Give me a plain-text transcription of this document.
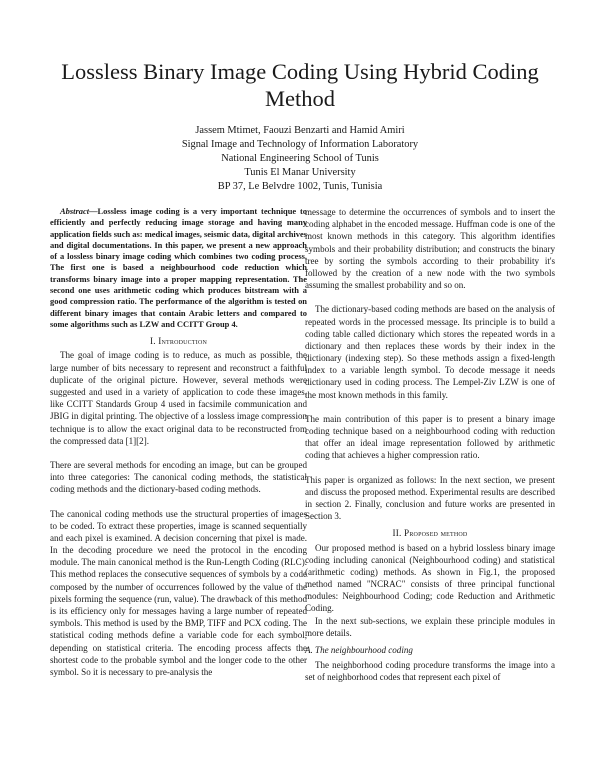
Lossless Binary Image Coding Using Hybrid Coding Method
Jassem Mtimet, Faouzi Benzarti and Hamid Amiri
Signal Image and Technology of Information Laboratory
National Engineering School of Tunis
Tunis El Manar University
BP 37, Le Belvdre 1002, Tunis, Tunisia

Abstract—Lossless image coding is a very important technique to efficiently and perfectly reducing image storage and having many application fields such as: medical images, seismic data, digital archives and digital documentations. In this paper, we present a new approach of a lossless binary image coding which combines two coding process. The first one is based a neighbourhood code reduction which transforms binary image into a proper mapping representation. The second one uses arithmetic coding which produces bitstream with a good compression ratio. The performance of the algorithm is tested on different binary images that contain Arabic letters and compared to some algorithms such as LZW and CCITT Group 4.

I. Introduction

The goal of image coding is to reduce, as much as possible, the large number of bits necessary to represent and reconstruct a faithful duplicate of the original picture. However, several methods were suggested and used in a variety of application to code these images, like CCITT Standards Group 4 used in facsimile communication and JBIG in digital printing. The objective of a lossless image compression technique is to allow the exact original data to be reconstructed from the compressed data [1][2].

There are several methods for encoding an image, but can be grouped into three categories: The canonical coding methods, the statistical coding methods and the dictionary-based coding methods.

The canonical coding methods use the structural properties of images to be coded. To extract these properties, image is scanned sequentially and each pixel is examined. A decision concerning that pixel is made. In the decoding procedure we need the protocol in the encoding module. The main canonical method is the Run-Length Coding (RLC). This method replaces the consecutive sequences of symbols by a code composed by the number of occurrences followed by the value of the pixels forming the sequence (run, value). The drawback of this method is its efficiency only for messages having a large number of repeated symbols. This method is used by the BMP, TIFF and PCX coding. The statistical coding methods define a variable code for each symbol, depending on statistical criteria. The encoding process affects the shortest code to the probable symbol and the longer code to the other symbol. So it is necessary to pre-analysis the

message to determine the occurrences of symbols and to insert the coding alphabet in the encoded message. Huffman code is one of the most known methods in this category. This algorithm identifies symbols and their probability distribution; and constructs the binary tree by sorting the symbols according to their probability it's followed by the creation of a new node with the two symbols assuming the smallest probability and so on.

The dictionary-based coding methods are based on the analysis of repeated words in the processed message. Its principle is to build a coding table called dictionary which stores the repeated words in a dictionary and then replaces these words by their index in the dictionary (indexing step). So these methods assign a fixed-length index to a variable length symbol. To decode message it needs dictionary used in coding process. The Lempel-Ziv LZW is one of the most known methods in this family.

The main contribution of this paper is to present a binary image coding technique based on a neighbourhood coding with reduction that offer an ideal image representation followed by arithmetic coding that achieves a higher compression ratio.

This paper is organized as follows: In the next section, we present and discuss the proposed method. Experimental results are described in section 2. Finally, conclusion and future works are presented in Section 3.

II. Proposed method

Our proposed method is based on a hybrid lossless binary image coding including canonical (Neighbourhood coding) and statistical (arithmetic coding) methods. As shown in Fig.1, the proposed method named "NCRAC" consists of three principal functional modules: Neighbourhood Coding; code Reduction and Arithmetic Coding.

In the next sub-sections, we explain these principle modules in more details.

A. The neighbourhood coding

The neighborhood coding procedure transforms the image into a set of neighborhood codes that represent each pixel of
